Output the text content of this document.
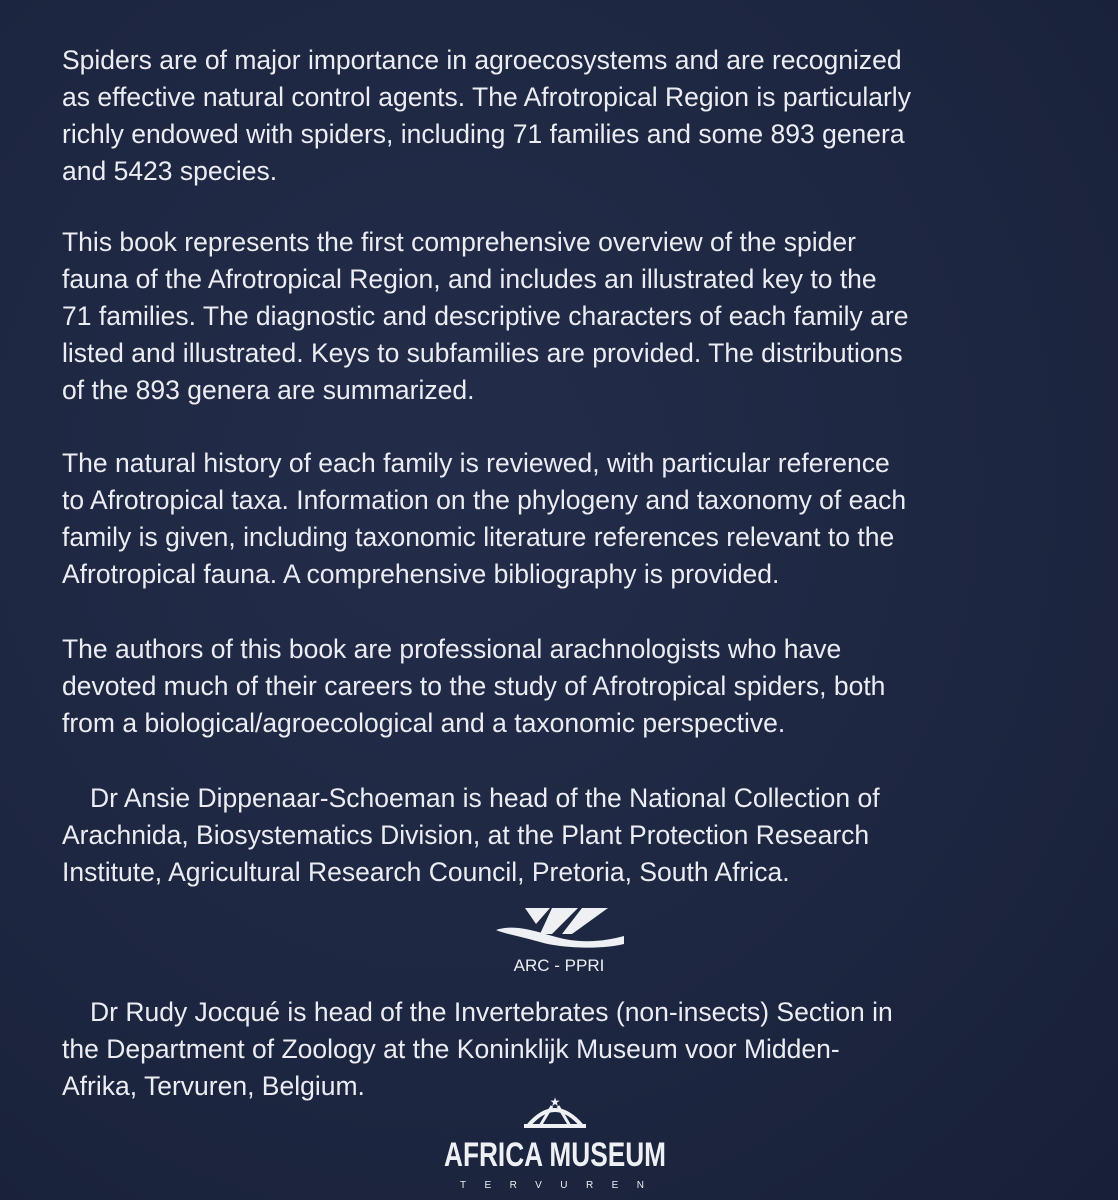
Spiders are of major importance in agroecosystems and are recognized
as effective natural control agents. The Afrotropical Region is particularly
richly endowed with spiders, including 71 families and some 893 genera
and 5423 species.
This book represents the first comprehensive overview of the spider
fauna of the Afrotropical Region, and includes an illustrated key to the
71 families. The diagnostic and descriptive characters of each family are
listed and illustrated. Keys to subfamilies are provided. The distributions
of the 893 genera are summarized.
The natural history of each family is reviewed, with particular reference
to Afrotropical taxa. Information on the phylogeny and taxonomy of each
family is given, including taxonomic literature references relevant to the
Afrotropical fauna. A comprehensive bibliography is provided.
The authors of this book are professional arachnologists who have
devoted much of their careers to the study of Afrotropical spiders, both
from a biological/agroecological and a taxonomic perspective.
Dr Ansie Dippenaar-Schoeman is head of the National Collection of
Arachnida, Biosystematics Division, at the Plant Protection Research
Institute, Agricultural Research Council, Pretoria, South Africa.
ARC - PPRI
Dr Rudy Jocqué is head of the Invertebrates (non-insects) Section in
the Department of Zoology at the Koninklijk Museum voor Midden-
Afrika, Tervuren, Belgium.
★
AFRICA MUSEUM
TERVUREN
